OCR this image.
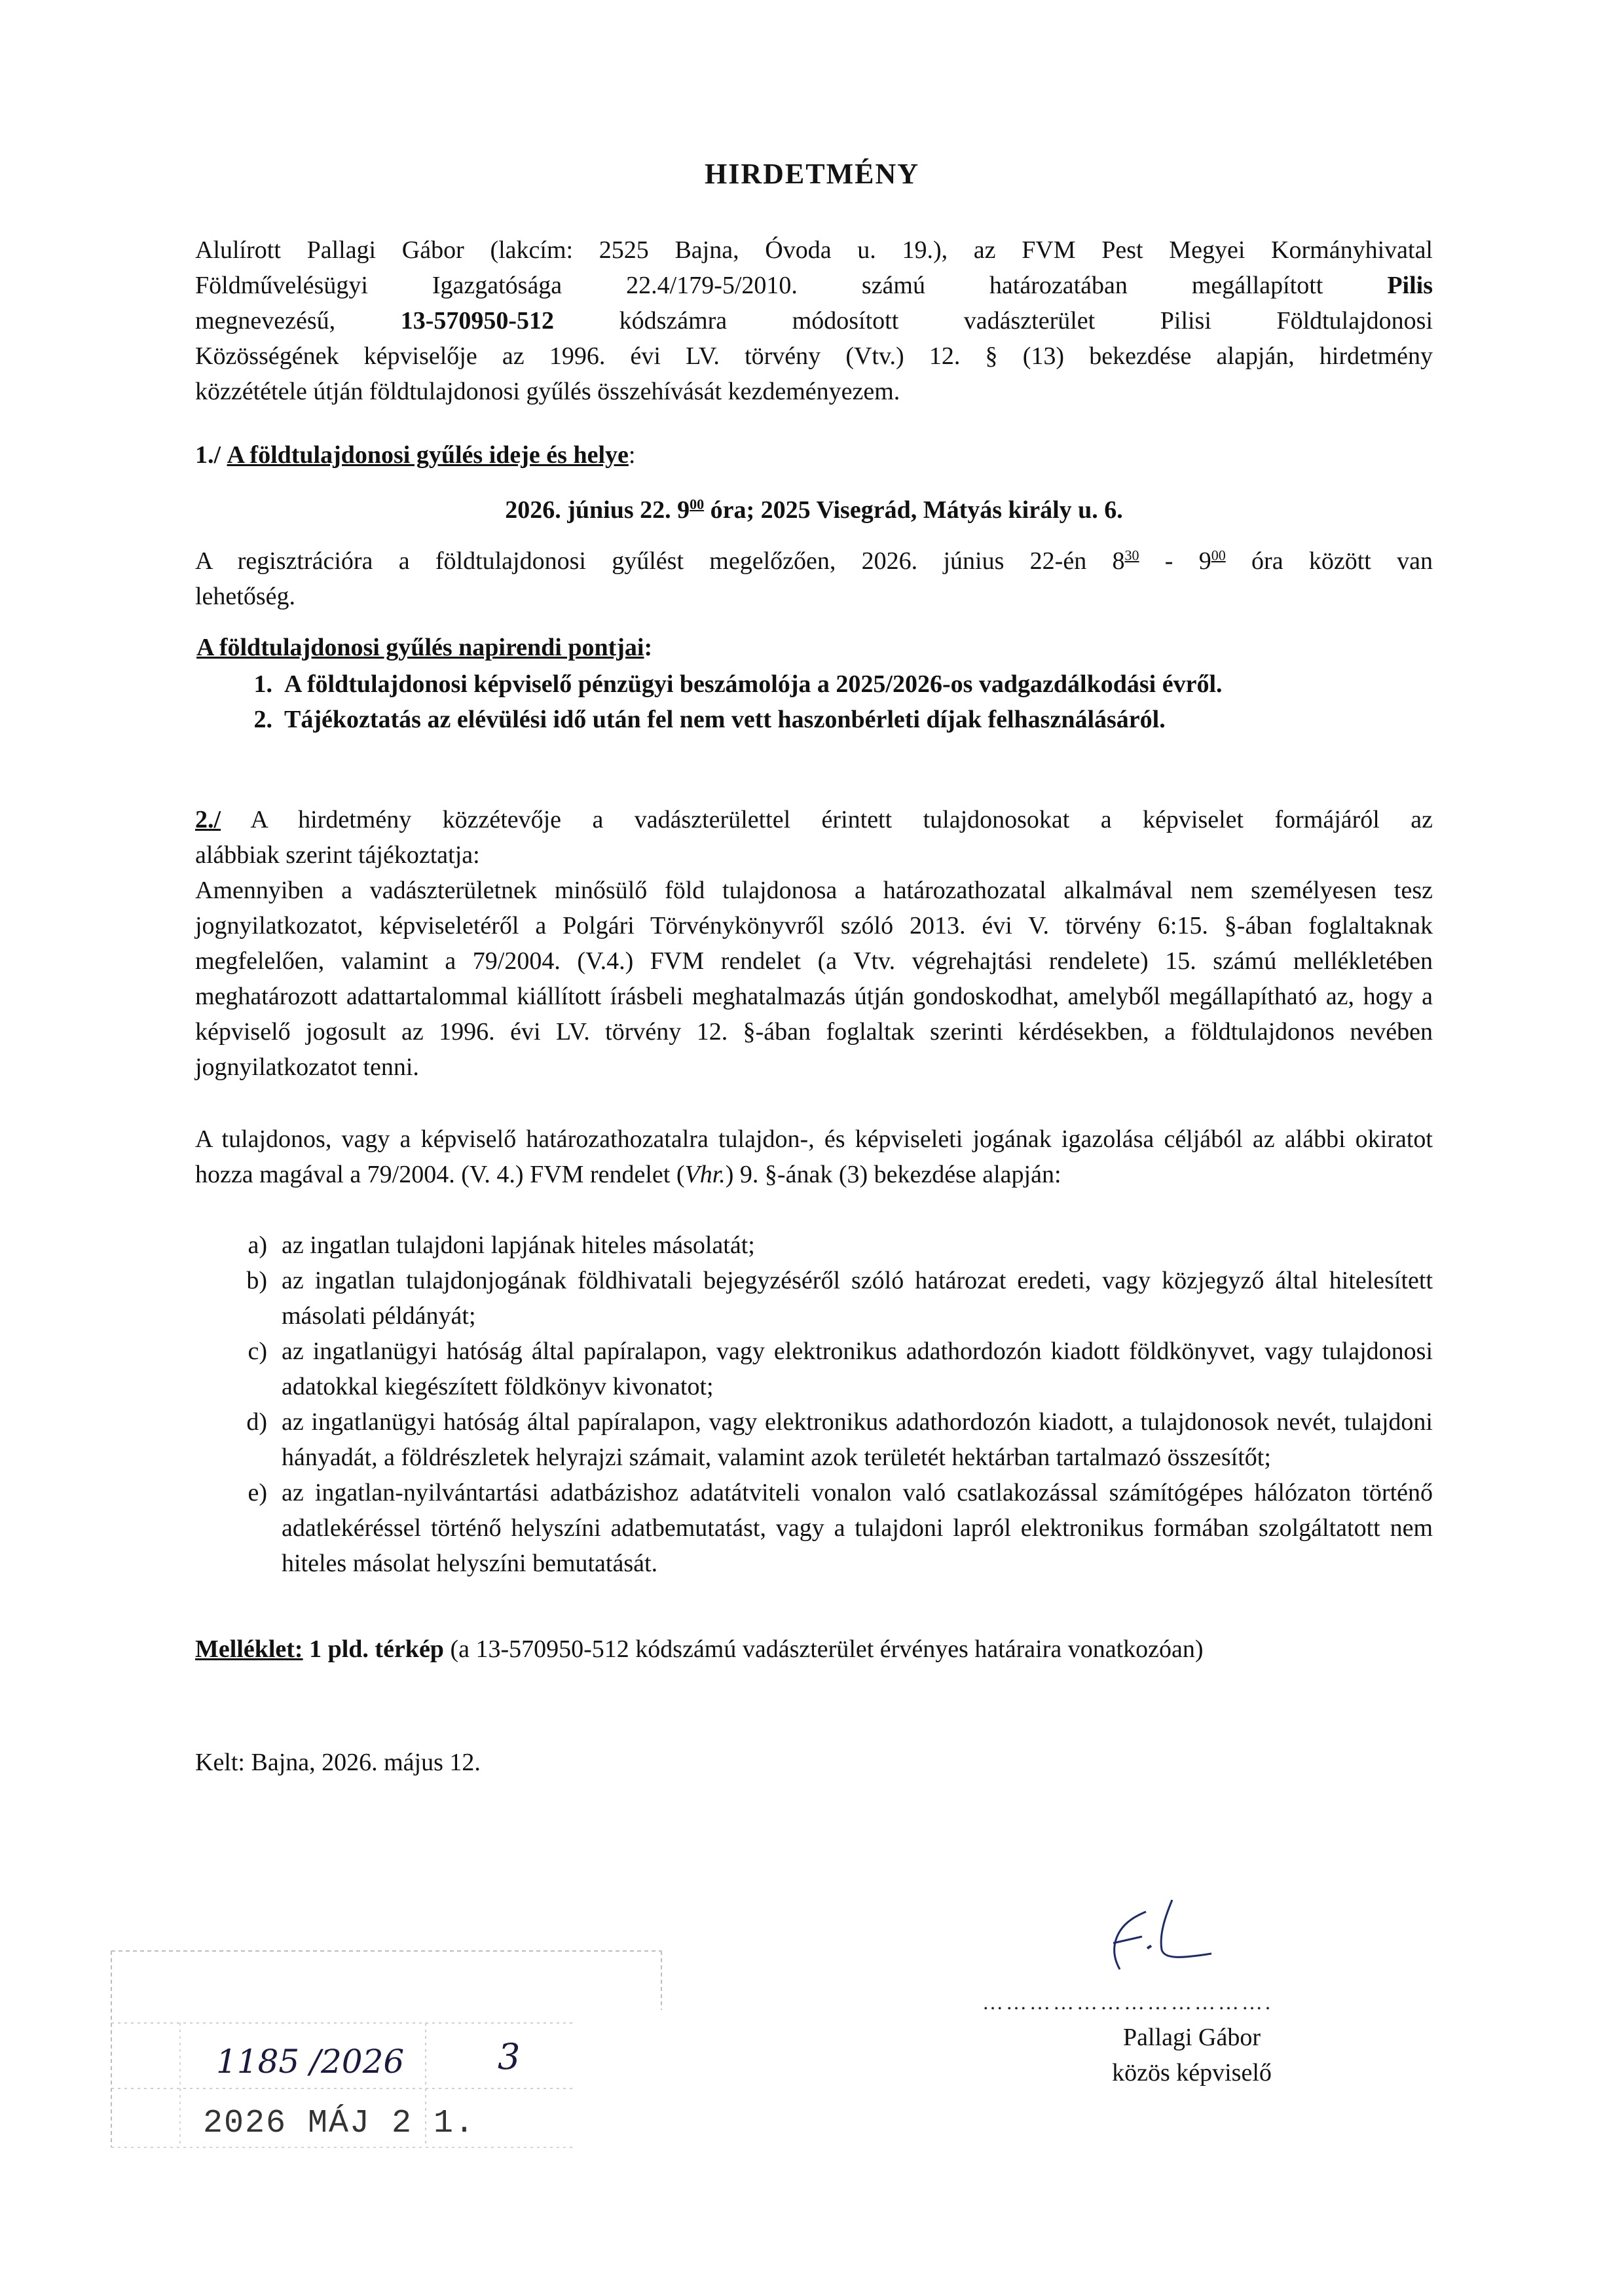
HIRDETMÉNY
Alulírott Pallagi Gábor (lakcím: 2525 Bajna, Óvoda u. 19.), az FVM Pest Megyei Kormányhivatal
Földművelésügyi Igazgatósága 22.4/179-5/2010. számú határozatában megállapított	Pilis
megnevezésű,	13-570950-512	kódszámra módosított vadászterület Pilisi Földtulajdonosi
Közösségének képviselője az 1996. évi LV. törvény (Vtv.) 12. § (13) bekezdése alapján, hirdetmény
közzététele útján földtulajdonosi gyűlés összehívását kezdeményezem.
1./ A földtulajdonosi gyűlés ideje és helye:
2026. június 22. $9^{00}$ óra; 2025 Visegrád, Mátyás király u. 6.
A regisztrációra a földtulajdonosi gyűlést megelőzően, 2026. június 22-én $8^{30} - 9^{00}$ óra között van
lehetőség.
A földtulajdonosi gyűlés napirendi pontjai:
1. A földtulajdonosi képviselő pénzügyi beszámolója a 2025/2026-os vadgazdálkodási évről.
2. Tájékoztatás az elévülési idő után fel nem vett haszonbérleti díjak felhasználásáról.
2./ A hirdetmény közzétevője a vadászterülettel érintett tulajdonosokat a képviselet formájáról az
alábbiak szerint tájékoztatja:
Amennyiben a vadászterületnek minősülő föld tulajdonosa a határozathozatal alkalmával nem személyesen tesz jognyilatkozatot, képviseletéről a Polgári Törvénykönyvről szóló 2013. évi V. törvény 6:15. §-ában foglaltaknak megfelelően, valamint a 79/2004. (V.4.) FVM rendelet (a Vtv. végrehajtási rendelete) 15. számú mellékletében meghatározott adattartalommal kiállított írásbeli meghatalmazás útján gondoskodhat, amelyből megállapítható az, hogy a képviselő jogosult az 1996. évi LV. törvény 12. §-ában foglaltak szerinti kérdésekben, a földtulajdonos nevében jognyilatkozatot tenni.
A tulajdonos, vagy a képviselő határozathozatalra tulajdon-, és képviseleti jogának igazolása céljából az alábbi okiratot hozza magával a 79/2004. (V. 4.) FVM rendelet (Vhr.) 9. §-ának (3) bekezdése alapján:
a) az ingatlan tulajdoni lapjának hiteles másolatát;
b) az ingatlan tulajdonjogának földhivatali bejegyzéséről szóló határozat eredeti, vagy közjegyző által hitelesített másolati példányát;
c) az ingatlanügyi hatóság által papíralapon, vagy elektronikus adathordozón kiadott földkönyvet, vagy tulajdonosi adatokkal kiegészített földkönyv kivonatot;
d) az ingatlanügyi hatóság által papíralapon, vagy elektronikus adathordozón kiadott, a tulajdonosok nevét, tulajdoni hányadát, a földrészletek helyrajzi számait, valamint azok területét hektárban tartalmazó összesítőt;
e) az ingatlan-nyilvántartási adatbázishoz adatátviteli vonalon való csatlakozással számítógépes hálózaton történő adatlekéréssel történő helyszíni adatbemutatást, vagy a tulajdoni lapról elektronikus formában szolgáltatott nem hiteles másolat helyszíni bemutatását.
Melléklet: 1 pld. térkép (a 13-570950-512 kódszámú vadászterület érvényes határaira vonatkozóan)
Kelt: Bajna, 2026. május 12.
……………………………….
Pallagi Gábor
közös képviselő
1185 /2026	3
2026 MÁJ 2 1.
